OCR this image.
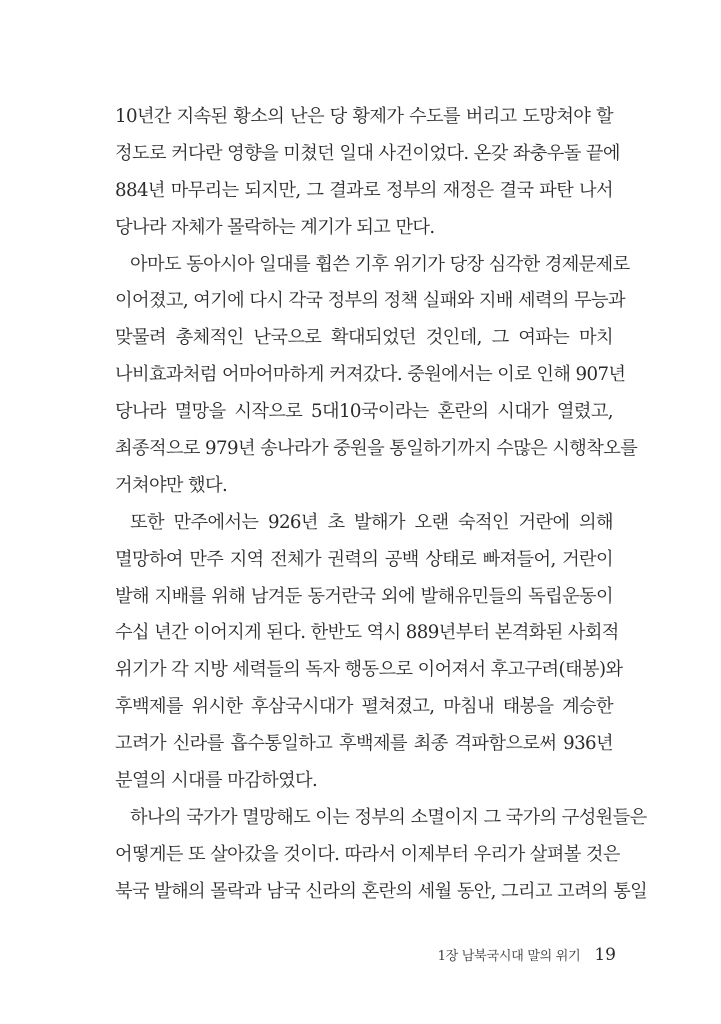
10년간 지속된 황소의 난은 당 황제가 수도를 버리고 도망쳐야 할
정도로 커다란 영향을 미쳤던 일대 사건이었다. 온갖 좌충우돌 끝에
884년 마무리는 되지만, 그 결과로 정부의 재정은 결국 파탄 나서
당나라 자체가 몰락하는 계기가 되고 만다.
아마도 동아시아 일대를 휩쓴 기후 위기가 당장 심각한 경제문제로
이어졌고, 여기에 다시 각국 정부의 정책 실패와 지배 세력의 무능과
맞물려 총체적인 난국으로 확대되었던 것인데, 그 여파는 마치
나비효과처럼 어마어마하게 커져갔다. 중원에서는 이로 인해 907년
당나라 멸망을 시작으로 5대10국이라는 혼란의 시대가 열렸고,
최종적으로 979년 송나라가 중원을 통일하기까지 수많은 시행착오를
거쳐야만 했다.
또한 만주에서는 926년 초 발해가 오랜 숙적인 거란에 의해
멸망하여 만주 지역 전체가 권력의 공백 상태로 빠져들어, 거란이
발해 지배를 위해 남겨둔 동거란국 외에 발해유민들의 독립운동이
수십 년간 이어지게 된다. 한반도 역시 889년부터 본격화된 사회적
위기가 각 지방 세력들의 독자 행동으로 이어져서 후고구려(태봉)와
후백제를 위시한 후삼국시대가 펼쳐졌고, 마침내 태봉을 계승한
고려가 신라를 흡수통일하고 후백제를 최종 격파함으로써 936년
분열의 시대를 마감하였다.
하나의 국가가 멸망해도 이는 정부의 소멸이지 그 국가의 구성원들은
어떻게든 또 살아갔을 것이다. 따라서 이제부터 우리가 살펴볼 것은
북국 발해의 몰락과 남국 신라의 혼란의 세월 동안, 그리고 고려의 통일
1장 남북국시대 말의 위기 19
